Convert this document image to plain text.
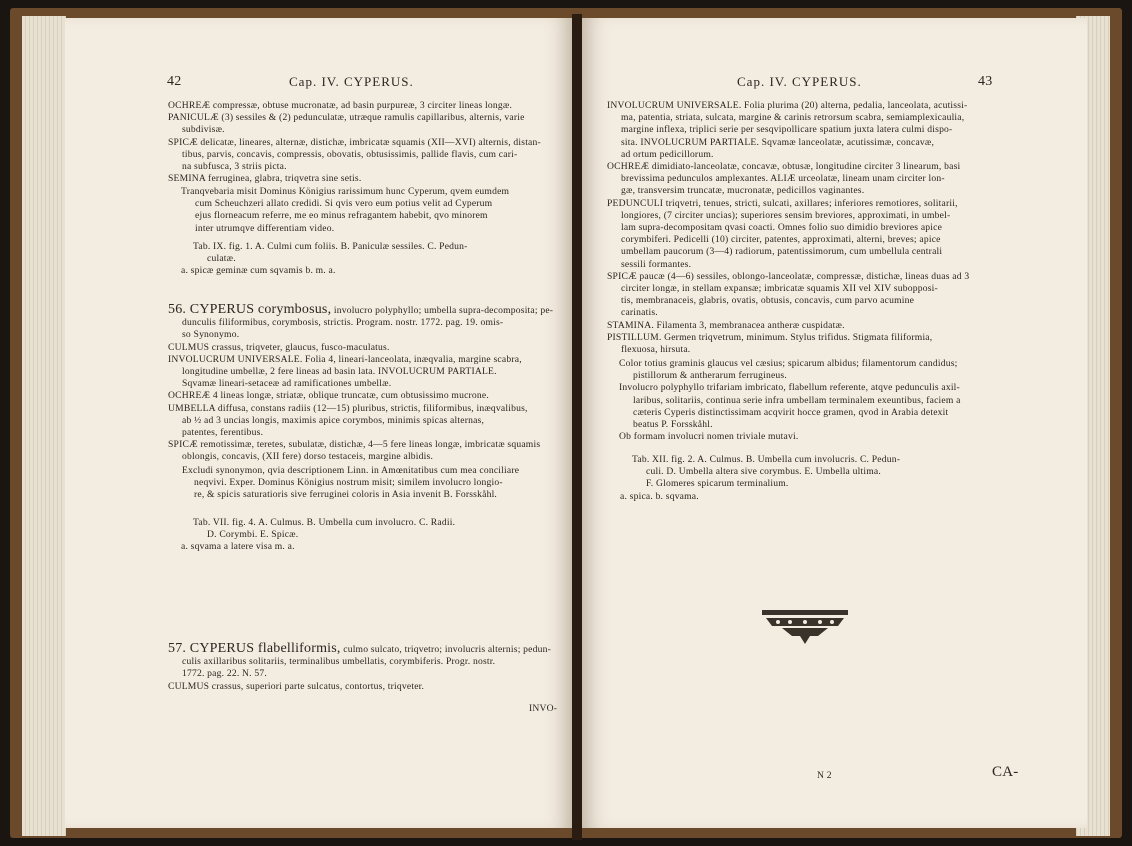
42	Cap. IV. CYPERUS.

OCHREÆ compressæ, obtuse mucronatæ, ad basin purpureæ, 3 circiter lineas longæ.

PANICULÆ (3) sessiles & (2) pedunculatæ, utræque ramulis capillaribus, alternis, varie

subdivisæ.

SPICÆ delicatæ, lineares, alternæ, distichæ, imbricatæ squamis (XII—XVI) alternis, distan-

tibus, parvis, concavis, compressis, obovatis, obtusissimis, pallide flavis, cum cari-

na subfusca, 3 striis picta.

SEMINA ferruginea, glabra, triqvetra sine setis.

Tranqvebaria misit Dominus Königius rarissimum hunc Cyperum, qvem eumdem

cum Scheuchzeri allato credidi. Si qvis vero eum potius velit ad Cyperum

ejus florneacum referre, me eo minus refragantem habebit, qvo minorem

inter utrumqve differentiam video.

Tab. IX. fig. 1. A. Culmi cum foliis. B. Paniculæ sessiles. C. Pedun-

culatæ.

a. spicæ geminæ cum sqvamis b. m. a.

56. CYPERUS corymbosus, involucro polyphyllo; umbella supra-decomposita; pe-

dunculis filiformibus, corymbosis, strictis. Program. nostr. 1772. pag. 19. omis-

so Synonymo.

CULMUS crassus, triqveter, glaucus, fusco-maculatus.

INVOLUCRUM UNIVERSALE. Folia 4, lineari-lanceolata, inæqvalia, margine scabra,

longitudine umbellæ, 2 fere lineas ad basin lata. INVOLUCRUM PARTIALE.

Sqvamæ lineari-setaceæ ad ramificationes umbellæ.

OCHREÆ 4 lineas longæ, striatæ, oblique truncatæ, cum obtusissimo mucrone.

UMBELLA diffusa, constans radiis (12—15) pluribus, strictis, filiformibus, inæqvalibus,

ab ½ ad 3 uncias longis, maximis apice corymbos, minimis spicas alternas,

patentes, ferentibus.

SPICÆ remotissimæ, teretes, subulatæ, distichæ, 4—5 fere lineas longæ, imbricatæ squamis

oblongis, concavis, (XII fere) dorso testaceis, margine albidis.

Excludi synonymon, qvia descriptionem Linn. in Amœnitatibus cum mea conciliare

neqvivi. Exper. Dominus Königius nostrum misit; similem involucro longio-

re, & spicis saturatioris sive ferruginei coloris in Asia invenit B. Forsskåhl.

Tab. VII. fig. 4. A. Culmus. B. Umbella cum involucro. C. Radii.

D. Corymbi. E. Spicæ.

a. sqvama a latere visa m. a.

57. CYPERUS flabelliformis, culmo sulcato, triqvetro; involucris alternis; pedun-

culis axillaribus solitariis, terminalibus umbellatis, corymbiferis. Progr. nostr.

1772. pag. 22. N. 57.

CULMUS crassus, superiori parte sulcatus, contortus, triqveter.

INVO-
Cap. IV. CYPERUS.	43

INVOLUCRUM UNIVERSALE. Folia plurima (20) alterna, pedalia, lanceolata, acutissi-

ma, patentia, striata, sulcata, margine & carinis retrorsum scabra, semiamplexicaulia,

margine inflexa, triplici serie per sesqvipollicare spatium juxta latera culmi dispo-

sita. INVOLUCRUM PARTIALE. Sqvamæ lanceolatæ, acutissimæ, concavæ,

ad ortum pedicillorum.

OCHREÆ dimidiato-lanceolatæ, concavæ, obtusæ, longitudine circiter 3 linearum, basi

brevissima pedunculos amplexantes. ALIÆ urceolatæ, lineam unam circiter lon-

gæ, transversim truncatæ, mucronatæ, pedicillos vaginantes.

PEDUNCULI triqvetri, tenues, stricti, sulcati, axillares; inferiores remotiores, solitarii,

longiores, (7 circiter uncias); superiores sensim breviores, approximati, in umbel-

lam supra-decompositam qvasi coacti. Omnes folio suo dimidio breviores apice

corymbiferi. Pedicelli (10) circiter, patentes, approximati, alterni, breves; apice

umbellam paucorum (3—4) radiorum, patentissimorum, cum umbellula centrali

sessili formantes.

SPICÆ paucæ (4—6) sessiles, oblongo-lanceolatæ, compressæ, distichæ, lineas duas ad 3

circiter longæ, in stellam expansæ; imbricatæ squamis XII vel XIV subopposi-

tis, membranaceis, glabris, ovatis, obtusis, concavis, cum parvo acumine

carinatis.

STAMINA. Filamenta 3, membranacea antheræ cuspidatæ.

PISTILLUM. Germen triqvetrum, minimum. Stylus trifidus. Stigmata filiformia,

flexuosa, hirsuta.

Color totius graminis glaucus vel cæsius; spicarum albidus; filamentorum candidus;

pistillorum & antherarum ferrugineus.

Involucro polyphyllo trifariam imbricato, flabellum referente, atqve pedunculis axil-

laribus, solitariis, continua serie infra umbellam terminalem exeuntibus, faciem a

cæteris Cyperis distinctissimam acqvirit hocce gramen, qvod in Arabia detexit

beatus P. Forsskåhl.

Ob formam involucri nomen triviale mutavi.

Tab. XII. fig. 2. A. Culmus. B. Umbella cum involucris. C. Pedun-

culi. D. Umbella altera sive corymbus. E. Umbella ultima.

F. Glomeres spicarum terminalium.

a. spica. b. sqvama.

N 2	CA-
